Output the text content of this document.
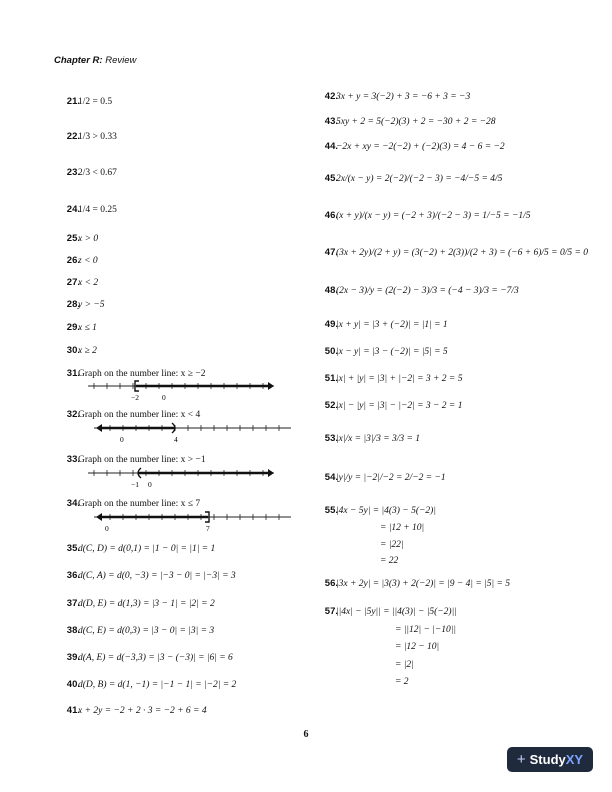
Chapter R: Review
21.
1/2 = 0.5
22.
1/3 > 0.33
23.
2/3 < 0.67
24.
1/4 = 0.25
25.
x > 0
26.
z < 0
27.
x < 2
28.
y > −5
29.
x ≤ 1
30.
x ≥ 2
31.
Graph on the number line: x ≥ −2
−2	0
32.
Graph on the number line: x < 4
0	4
33.
Graph on the number line: x > −1
−1 0
34.
Graph on the number line: x ≤ 7
0	7
35.
d(C, D) = d(0,1) = |1 − 0| = |1| = 1
36.
d(C, A) = d(0, −3) = |−3 − 0| = |−3| = 3
37.
d(D, E) = d(1,3) = |3 − 1| = |2| = 2
38.
d(C, E) = d(0,3) = |3 − 0| = |3| = 3
39.
d(A, E) = d(−3,3) = |3 − (−3)| = |6| = 6
40.
d(D, B) = d(1, −1) = |−1 − 1| = |−2| = 2
41.
x + 2y = −2 + 2 · 3 = −2 + 6 = 4
42.
3x + y = 3(−2) + 3 = −6 + 3 = −3
43.
5xy + 2 = 5(−2)(3) + 2 = −30 + 2 = −28
44.
−2x + xy = −2(−2) + (−2)(3) = 4 − 6 = −2
45.
2x/(x − y) = 2(−2)/(−2 − 3) = −4/−5 = 4/5
46.
(x + y)/(x − y) = (−2 + 3)/(−2 − 3) = 1/−5 = −1/5
47.
(3x + 2y)/(2 + y) = (3(−2) + 2(3))/(2 + 3) = (−6 + 6)/5 = 0/5 = 0
48.
(2x − 3)/y = (2(−2) − 3)/3 = (−4 − 3)/3 = −7/3
49.
|x + y| = |3 + (−2)| = |1| = 1
50.
|x − y| = |3 − (−2)| = |5| = 5
51.
|x| + |y| = |3| + |−2| = 3 + 2 = 5
52.
|x| − |y| = |3| − |−2| = 3 − 2 = 1
53.
|x|/x = |3|/3 = 3/3 = 1
54.
|y|/y = |−2|/−2 = 2/−2 = −1
55.
|4x − 5y| = |4(3) − 5(−2)|
= |12 + 10|
= |22|
= 22
56.
|3x + 2y| = |3(3) + 2(−2)| = |9 − 4| = |5| = 5
57.
||4x| − |5y|| = ||4(3)| − |5(−2)||
= ||12| − |−10||
= |12 − 10|
= |2|
= 2
6
+ StudyXY
